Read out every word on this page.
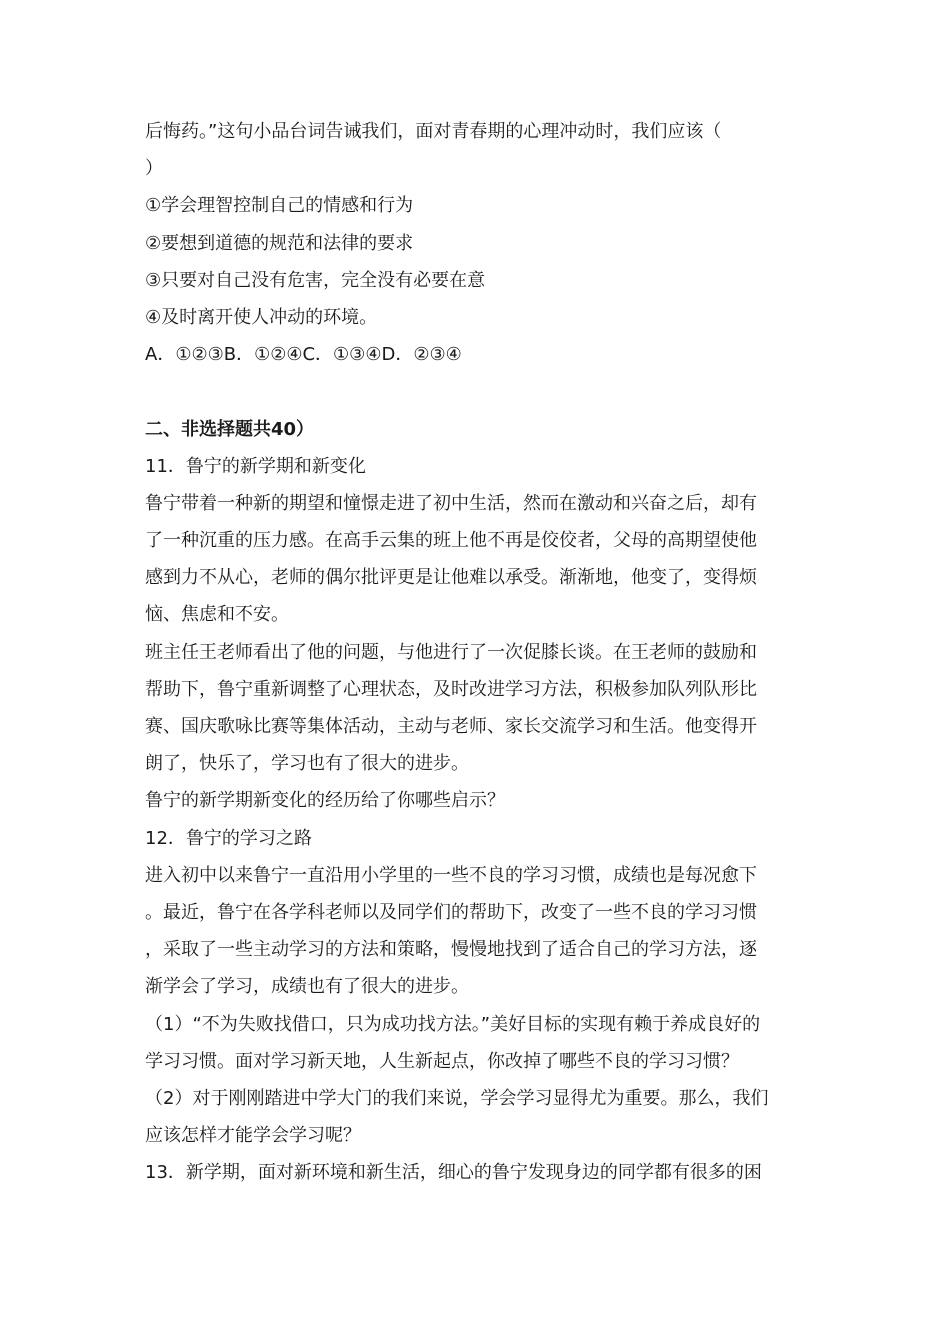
后悔药。”这句小品台词告诫我们，面对青春期的心理冲动时，我们应该（
）
①学会理智控制自己的情感和行为
②要想到道德的规范和法律的要求
③只要对自己没有危害，完全没有必要在意
④及时离开使人冲动的环境。
A．①②③B．①②④C．①③④D．②③④
二、非选择题共40）
11．鲁宁的新学期和新变化
鲁宁带着一种新的期望和憧憬走进了初中生活，然而在激动和兴奋之后，却有
了一种沉重的压力感。在高手云集的班上他不再是佼佼者，父母的高期望使他
感到力不从心，老师的偶尔批评更是让他难以承受。渐渐地，他变了，变得烦
恼、焦虑和不安。
班主任王老师看出了他的问题，与他进行了一次促膝长谈。在王老师的鼓励和
帮助下，鲁宁重新调整了心理状态，及时改进学习方法，积极参加队列队形比
赛、国庆歌咏比赛等集体活动，主动与老师、家长交流学习和生活。他变得开
朗了，快乐了，学习也有了很大的进步。
鲁宁的新学期新变化的经历给了你哪些启示？
12．鲁宁的学习之路
进入初中以来鲁宁一直沿用小学里的一些不良的学习习惯，成绩也是每况愈下
。最近，鲁宁在各学科老师以及同学们的帮助下，改变了一些不良的学习习惯
，采取了一些主动学习的方法和策略，慢慢地找到了适合自己的学习方法，逐
渐学会了学习，成绩也有了很大的进步。
（1）“不为失败找借口，只为成功找方法。”美好目标的实现有赖于养成良好的
学习习惯。面对学习新天地，人生新起点，你改掉了哪些不良的学习习惯？
（2）对于刚刚踏进中学大门的我们来说，学会学习显得尤为重要。那么，我们
应该怎样才能学会学习呢？
13．新学期，面对新环境和新生活，细心的鲁宁发现身边的同学都有很多的困
